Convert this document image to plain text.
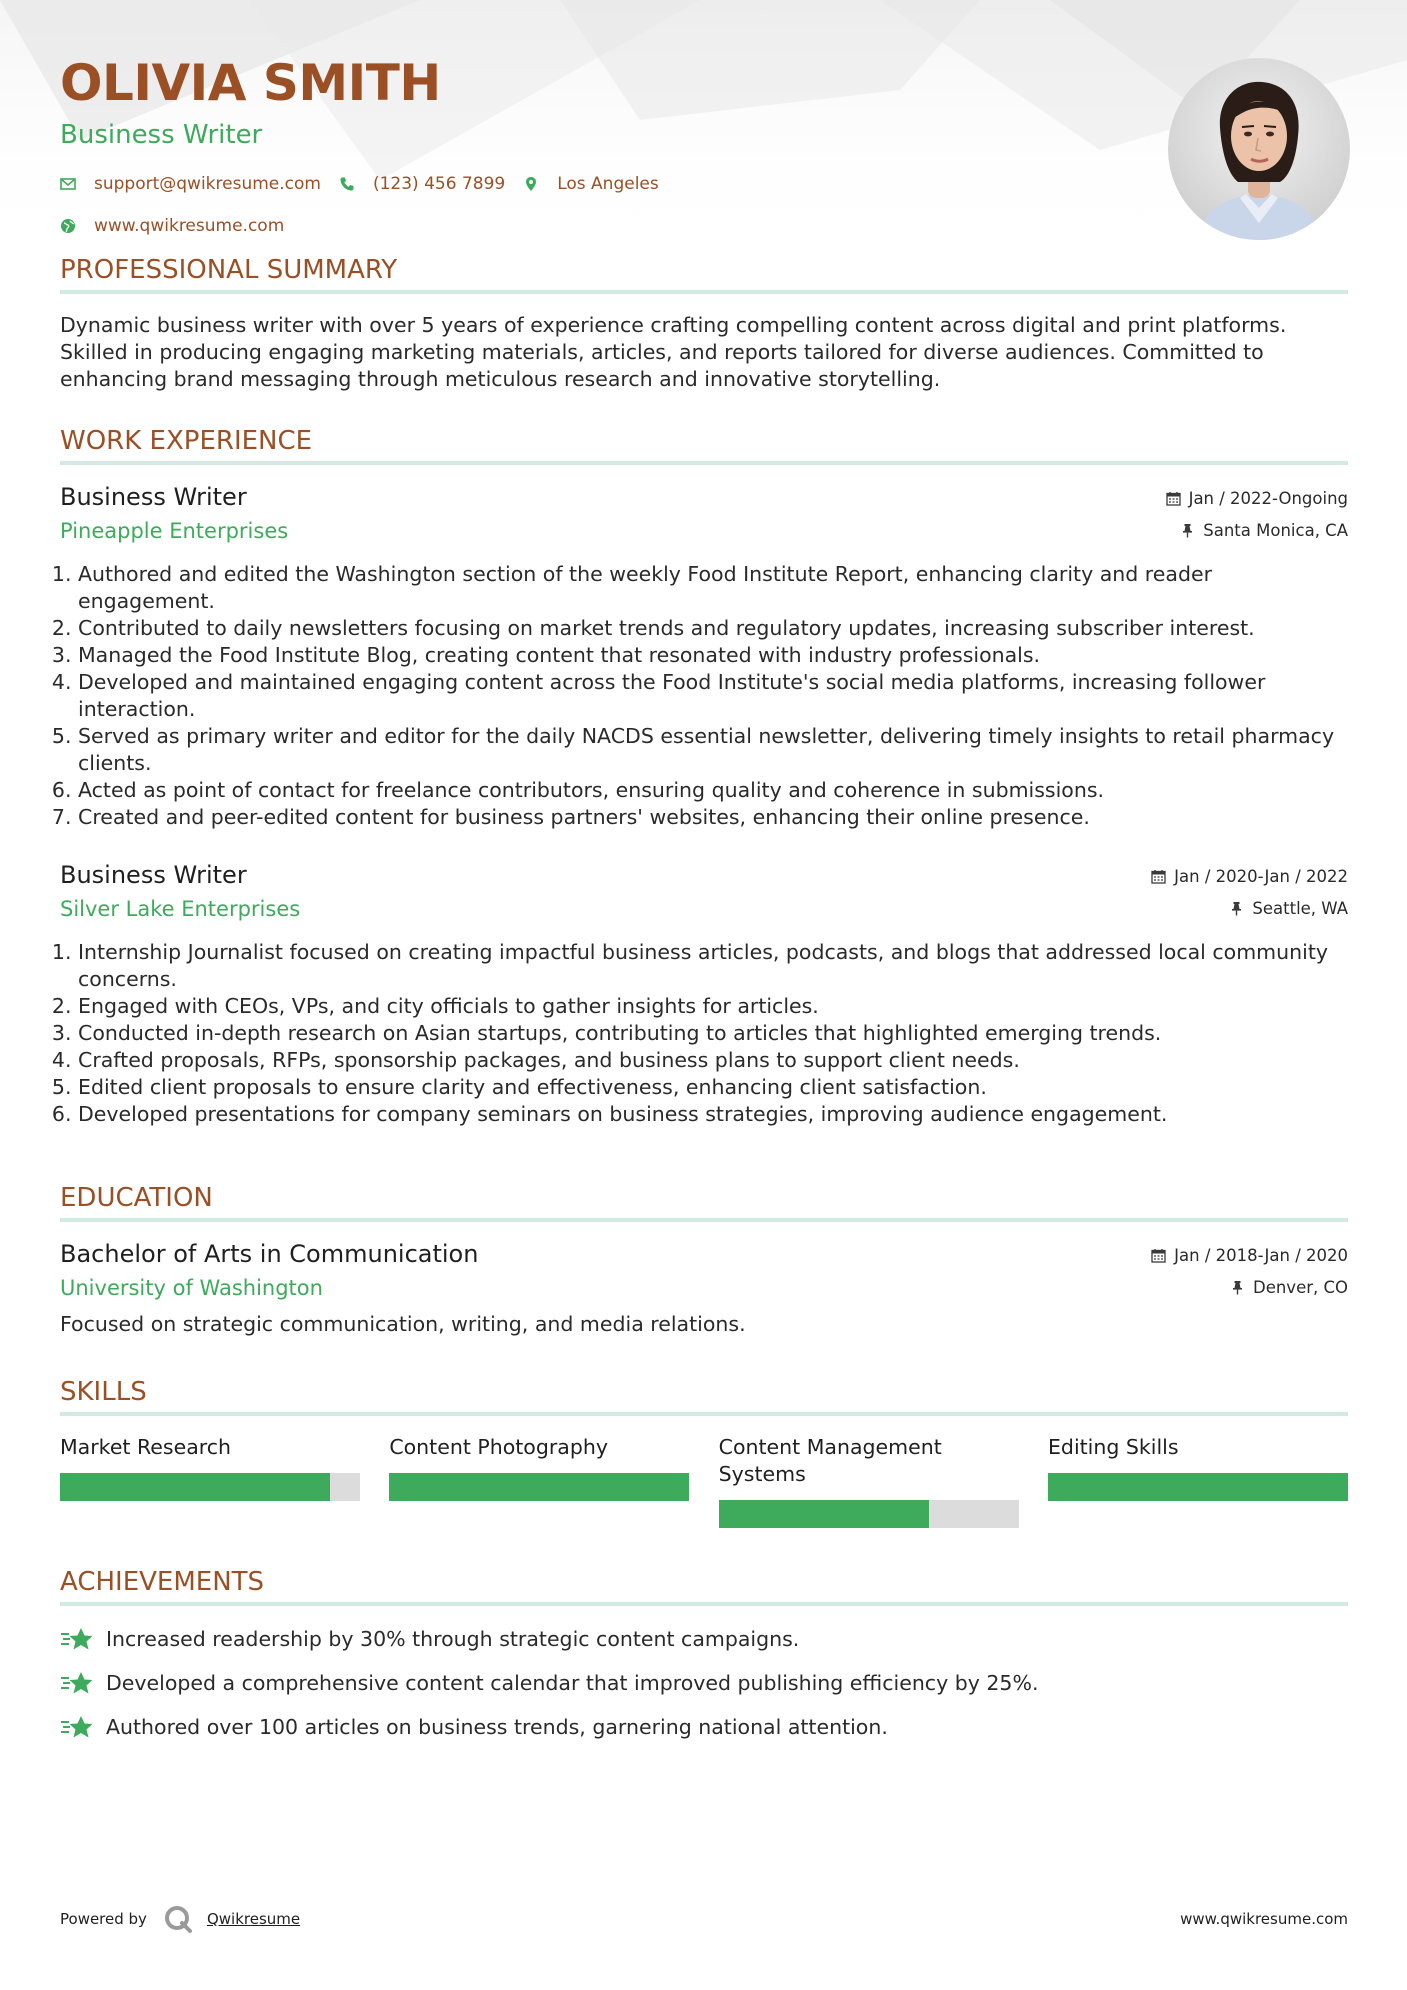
OLIVIA SMITH
Business Writer
support@qwikresume.com	(123) 456 7899	Los Angeles
www.qwikresume.com
PROFESSIONAL SUMMARY

Dynamic business writer with over 5 years of experience crafting compelling content across digital and print platforms. Skilled in producing engaging marketing materials, articles, and reports tailored for diverse audiences. Committed to enhancing brand messaging through meticulous research and innovative storytelling.

WORK EXPERIENCE
Business Writer
Pineapple Enterprises
Jan / 2022-Ongoing
Santa Monica, CA
1. Authored and edited the Washington section of the weekly Food Institute Report, enhancing clarity and reader engagement.
2. Contributed to daily newsletters focusing on market trends and regulatory updates, increasing subscriber interest.
3. Managed the Food Institute Blog, creating content that resonated with industry professionals.
4. Developed and maintained engaging content across the Food Institute's social media platforms, increasing follower interaction.
5. Served as primary writer and editor for the daily NACDS essential newsletter, delivering timely insights to retail pharmacy clients.
6. Acted as point of contact for freelance contributors, ensuring quality and coherence in submissions.
7. Created and peer-edited content for business partners' websites, enhancing their online presence.
Business Writer
Silver Lake Enterprises
Jan / 2020-Jan / 2022
Seattle, WA
1. Internship Journalist focused on creating impactful business articles, podcasts, and blogs that addressed local community concerns.
2. Engaged with CEOs, VPs, and city officials to gather insights for articles.
3. Conducted in-depth research on Asian startups, contributing to articles that highlighted emerging trends.
4. Crafted proposals, RFPs, sponsorship packages, and business plans to support client needs.
5. Edited client proposals to ensure clarity and effectiveness, enhancing client satisfaction.
6. Developed presentations for company seminars on business strategies, improving audience engagement.
EDUCATION
Bachelor of Arts in Communication
University of Washington
Jan / 2018-Jan / 2020
Denver, CO

Focused on strategic communication, writing, and media relations.

SKILLS
Market Research	Content Photography	Content Management Systems
Editing Skills
ACHIEVEMENTS
Increased readership by 30% through strategic content campaigns.
Developed a comprehensive content calendar that improved publishing efficiency by 25%.
Authored over 100 articles on business trends, garnering national attention.
Powered by	Qwikresume	www.qwikresume.com
